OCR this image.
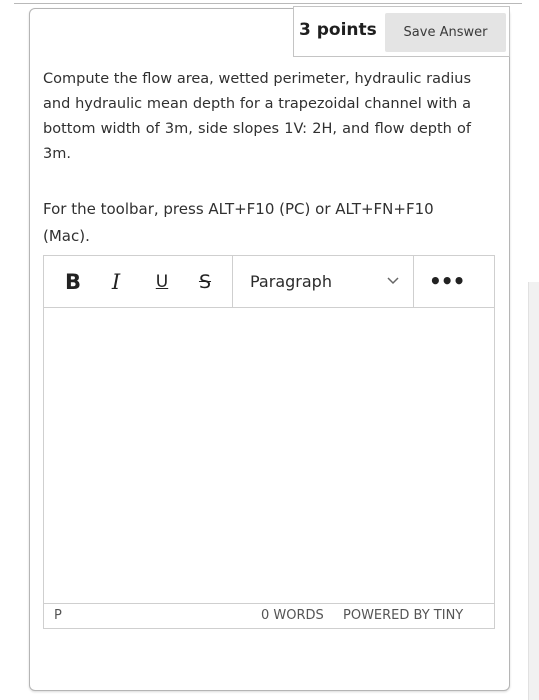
3 points	Save Answer
Compute the flow area, wetted perimeter, hydraulic radius and hydraulic mean depth for a trapezoidal channel with a bottom width of 3m, side slopes 1V: 2H, and flow depth of 3m.
For the toolbar, press ALT+F10 (PC) or ALT+FN+F10 (Mac).
B	I	U	S	Paragraph	•••
P	0 WORDS POWERED BY TINY
